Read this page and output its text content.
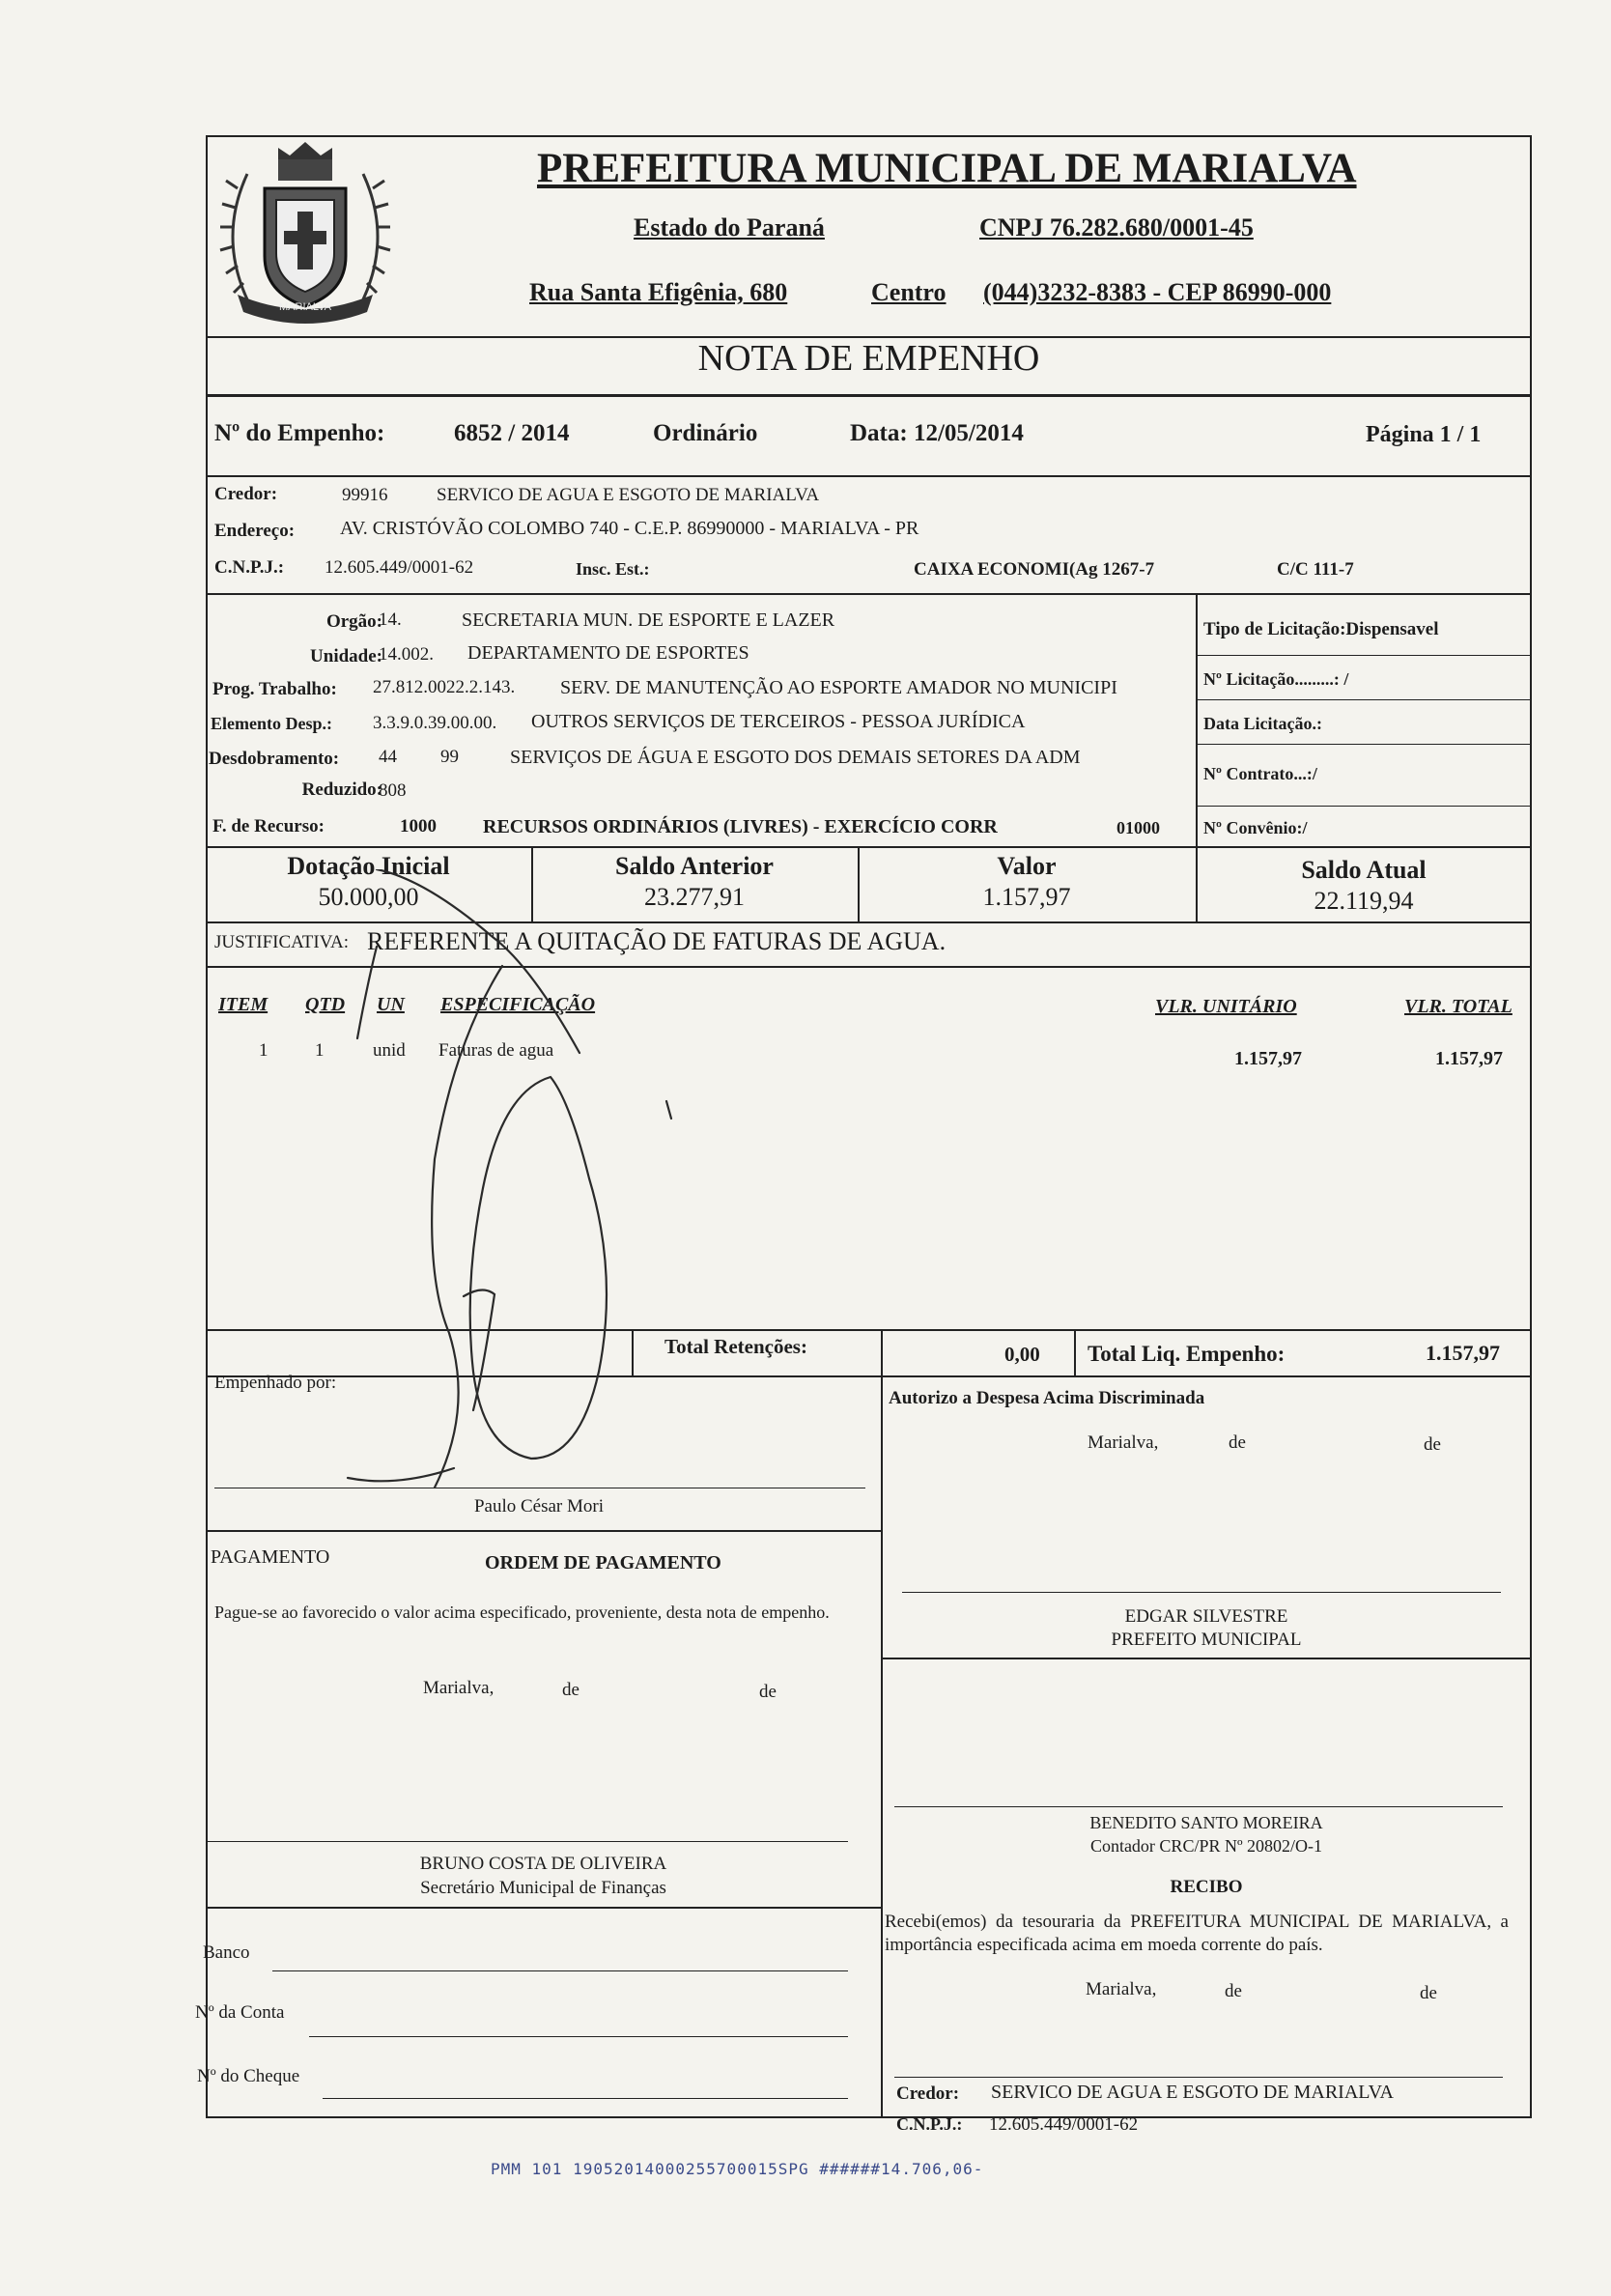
MARIALVA
PREFEITURA MUNICIPAL DE MARIALVA
Estado do Paraná	CNPJ 76.282.680/0001-45
Rua Santa Efigênia, 680	Centro (044)3232-8383 - CEP 86990-000
NOTA DE EMPENHO
Nº do Empenho:	6852 / 2014	Ordinário	Data: 12/05/2014	Página 1 / 1
Credor:	99916	SERVICO DE AGUA E ESGOTO DE MARIALVA
Endereço: AV. CRISTÓVÃO COLOMBO 740 - C.E.P. 86990000 - MARIALVA - PR
C.N.P.J.: 12.605.449/0001-62	Insc. Est.:	CAIXA ECONOMI(Ag 1267-7	C/C 111-7
Orgão:
14.	SECRETARIA MUN. DE ESPORTE E LAZER
Unidade:
14.002. DEPARTAMENTO DE ESPORTES
Prog. Trabalho: 27.812.0022.2.143. SERV. DE MANUTENÇÃO AO ESPORTE AMADOR NO MUNICIPI
Elemento Desp.: 3.3.9.0.39.00.00. OUTROS SERVIÇOS DE TERCEIROS - PESSOA JURÍDICA
Desdobramento: 44 99	SERVIÇOS DE ÁGUA E ESGOTO DOS DEMAIS SETORES DA ADM
Reduzido:
808
F. de Recurso:	1000 RECURSOS ORDINÁRIOS (LIVRES) - EXERCÍCIO CORR	01000
Tipo de Licitação:Dispensavel
Nº Licitação.........: /
Data Licitação.:
Nº Contrato...:/
Nº Convênio:/
Dotação Inicial
50.000,00
Saldo Anterior
23.277,91
Valor
1.157,97
Saldo Atual
22.119,94
JUSTIFICATIVA: REFERENTE A QUITAÇÃO DE FATURAS DE AGUA.
ITEM QTD UN ESPECIFICAÇÃO	VLR. UNITÁRIO	VLR. TOTAL
1	1	unid Faturas de agua	1.157,97	1.157,97
Total Retenções:	0,00 Total Liq. Empenho:	1.157,97
Empenhado por:
Paulo César Mori
Autorizo a Despesa Acima Discriminada
Marialva,	de	de
PAGAMENTO	ORDEM DE PAGAMENTO
Pague-se ao favorecido o valor acima especificado, proveniente, desta nota de empenho.
Marialva,	de	de
BRUNO COSTA DE OLIVEIRA
Secretário Municipal de Finanças
Banco
Nº da Conta
Nº do Cheque
EDGAR SILVESTRE
PREFEITO MUNICIPAL
BENEDITO SANTO MOREIRA
Contador CRC/PR Nº 20802/O-1
RECIBO
Recebi(emos) da tesouraria da PREFEITURA MUNICIPAL DE MARIALVA, a importância especificada acima em moeda corrente do país.
Marialva,	de	de
Credor: SERVICO DE AGUA E ESGOTO DE MARIALVA
C.N.P.J.: 12.605.449/0001-62
PMM 101 19052014000255700015SPG ######14.706,06-
